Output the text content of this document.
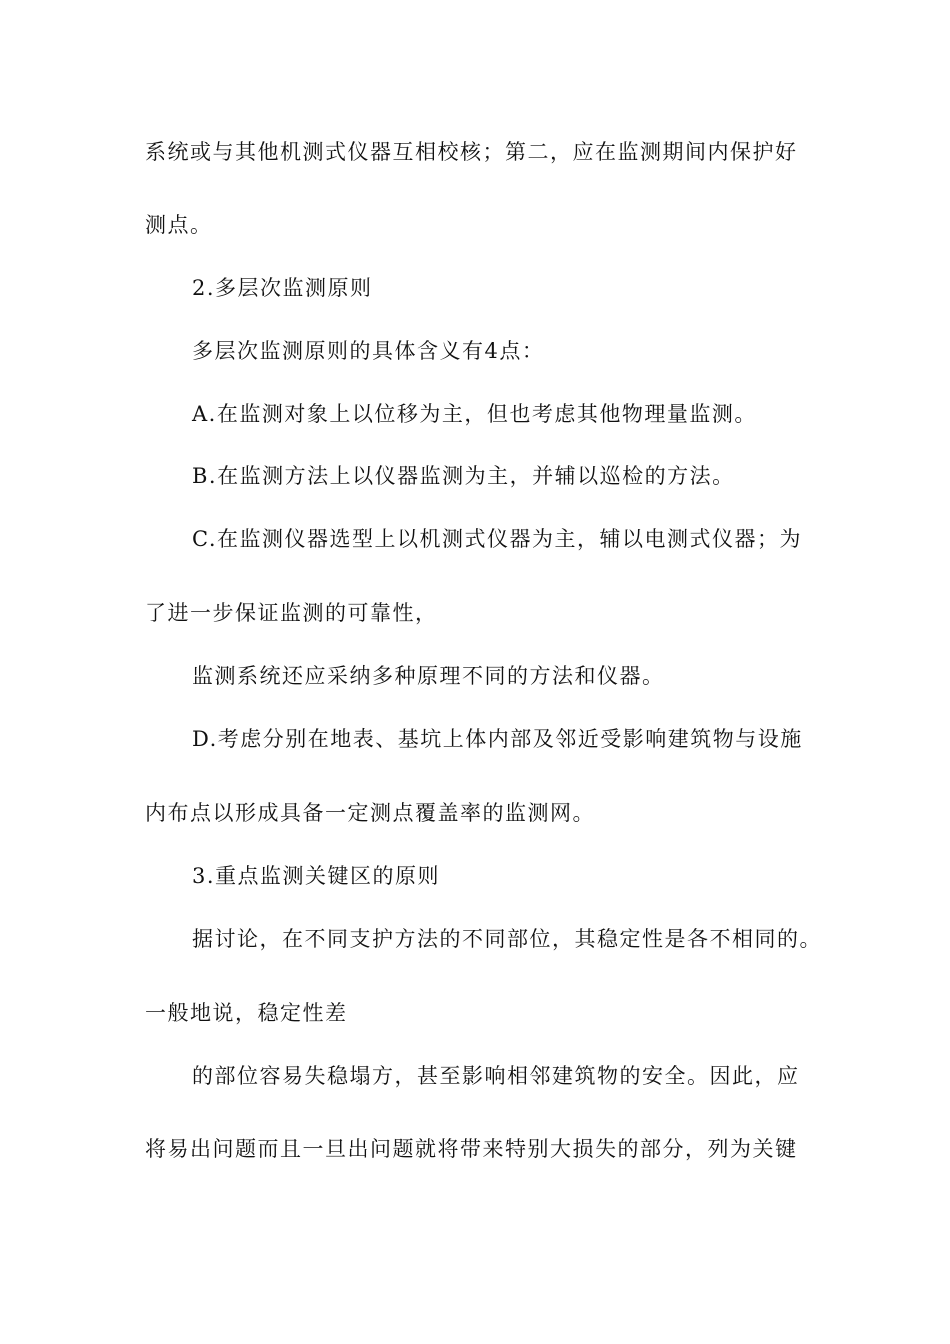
系统或与其他机测式仪器互相校核；第二，应在监测期间内保护好
测点。
2.多层次监测原则
多层次监测原则的具体含义有4点：
A.在监测对象上以位移为主，但也考虑其他物理量监测。
B.在监测方法上以仪器监测为主，并辅以巡检的方法。
C.在监测仪器选型上以机测式仪器为主，辅以电测式仪器；为
了进一步保证监测的可靠性，
监测系统还应采纳多种原理不同的方法和仪器。
D.考虑分别在地表、基坑上体内部及邻近受影响建筑物与设施
内布点以形成具备一定测点覆盖率的监测网。
3.重点监测关键区的原则
据讨论，在不同支护方法的不同部位，其稳定性是各不相同的。
一般地说，稳定性差
的部位容易失稳塌方，甚至影响相邻建筑物的安全。因此，应
将易出问题而且一旦出问题就将带来特别大损失的部分，列为关键
